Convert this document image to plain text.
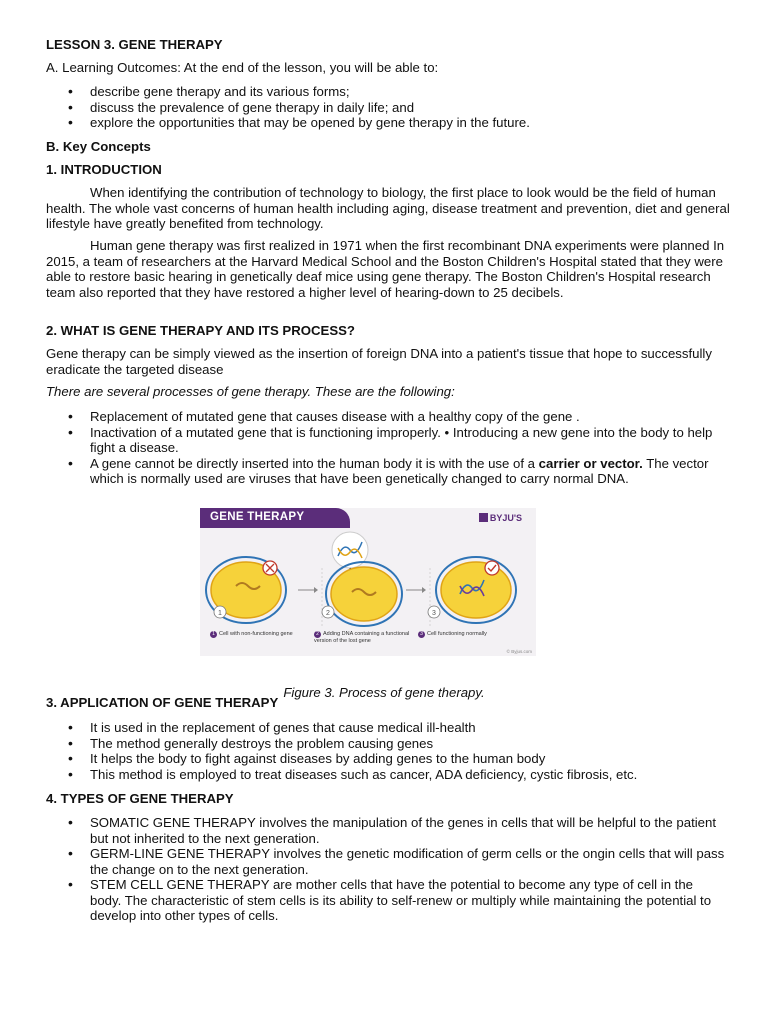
LESSON 3. GENE THERAPY

A. Learning Outcomes: At the end of the lesson, you will be able to:

• describe gene therapy and its various forms;
• discuss the prevalence of gene therapy in daily life; and
• explore the opportunities that may be opened by gene therapy in the future.

B. Key Concepts

1. INTRODUCTION

When identifying the contribution of technology to biology, the first place to look would be the field of human health. The whole vast concerns of human health including aging, disease treatment and prevention, diet and general lifestyle have greatly benefited from technology.

Human gene therapy was first realized in 1971 when the first recombinant DNA experiments were planned In 2015, a team of researchers at the Harvard Medical School and the Boston Children's Hospital stated that they were able to restore basic hearing in genetically deaf mice using gene therapy. The Boston Children's Hospital research team also reported that they have restored a higher level of hearing-down to 25 decibels.

2. WHAT IS GENE THERAPY AND ITS PROCESS?

Gene therapy can be simply viewed as the insertion of foreign DNA into a patient's tissue that hope to successfully eradicate the targeted disease

There are several processes of gene therapy. These are the following:

• Replacement of mutated gene that causes disease with a healthy copy of the gene .
• Inactivation of a mutated gene that is functioning improperly. • Introducing a new gene into the body to help fight a disease.
• A gene cannot be directly inserted into the human body it is with the use of a carrier or vector. The vector which is normally used are viruses that have been genetically changed to carry normal DNA.
GENE THERAPY	BYJU'S
1	2	3
1 Cell with non-functioning gene	2 Adding DNA containing a functional version of the lost gene
3 Cell functioning normally
© Byjus.com

Figure 3. Process of gene therapy.

3. APPLICATION OF GENE THERAPY

• It is used in the replacement of genes that cause medical ill-health
• The method generally destroys the problem causing genes
• It helps the body to fight against diseases by adding genes to the human body
• This method is employed to treat diseases such as cancer, ADA deficiency, cystic fibrosis, etc.

4. TYPES OF GENE THERAPY

• SOMATIC GENE THERAPY involves the manipulation of the genes in cells that will be helpful to the patient but not inherited to the next generation.
• GERM-LINE GENE THERAPY involves the genetic modification of germ cells or the ongin cells that will pass the change on to the next generation.
• STEM CELL GENE THERAPY are mother cells that have the potential to become any type of cell in the body. The characteristic of stem cells is its ability to self-renew or multiply while maintaining the potential to develop into other types of cells.
